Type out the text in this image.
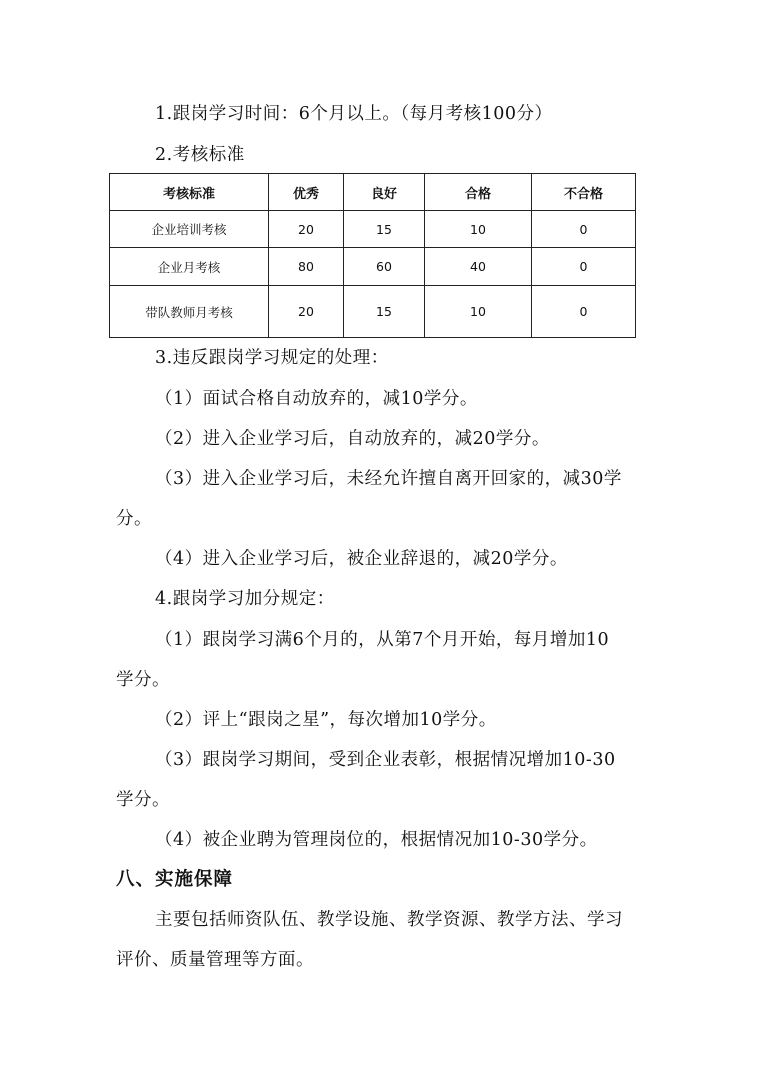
1.跟岗学习时间：6个月以上。（每月考核100分）
2.考核标准
考核标准	优秀	良好	合格	不合格
企业培训考核	20	15	10	0
企业月考核	80	60	40	0
带队教师月考核	20	15	10	0
3.违反跟岗学习规定的处理：
（1）面试合格自动放弃的，减10学分。
（2）进入企业学习后，自动放弃的，减20学分。
（3）进入企业学习后，未经允许擅自离开回家的，减30学
分。
（4）进入企业学习后，被企业辞退的，减20学分。
4.跟岗学习加分规定：
（1）跟岗学习满6个月的，从第7个月开始，每月增加10
学分。
（2）评上“跟岗之星”，每次增加10学分。
（3）跟岗学习期间，受到企业表彰，根据情况增加10-30
学分。
（4）被企业聘为管理岗位的，根据情况加10-30学分。
八、实施保障
主要包括师资队伍、教学设施、教学资源、教学方法、学习
评价、质量管理等方面。
